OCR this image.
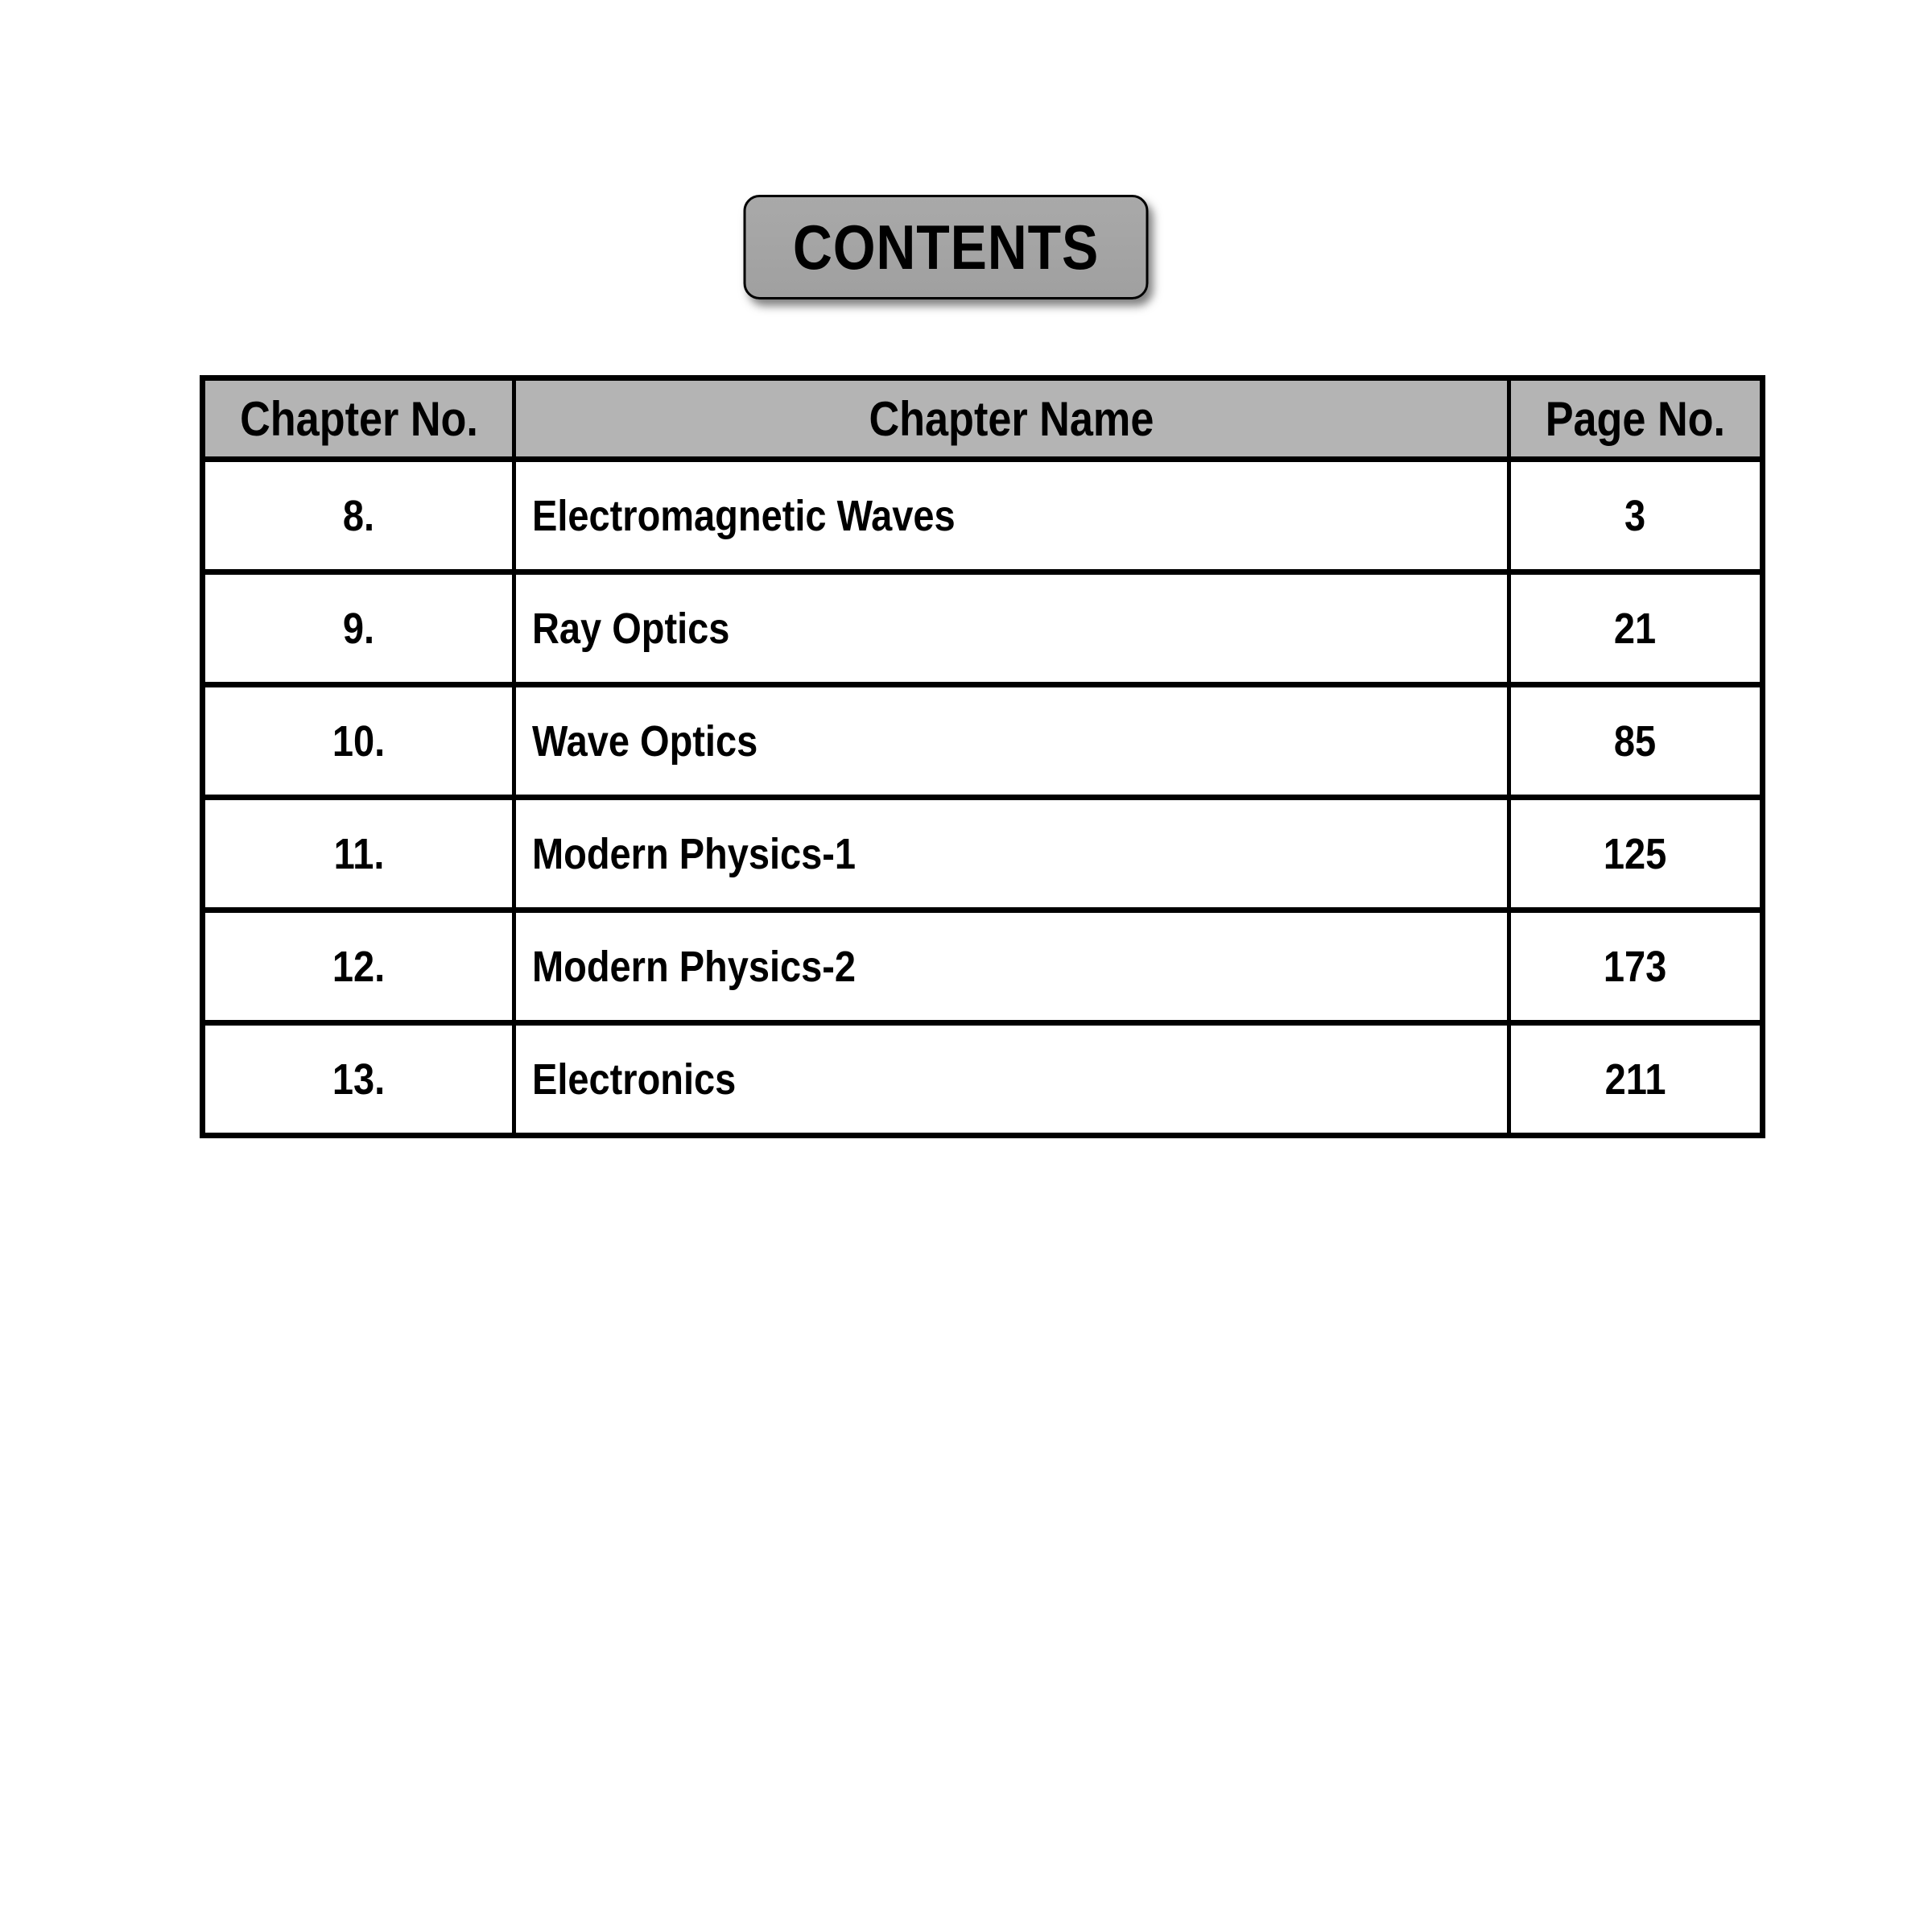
CONTENTS
Chapter No.	Chapter Name	Page No.
8.	Electromagnetic Waves	3
9.	Ray Optics	21
10.	Wave Optics	85
11.	Modern Physics-1	125
12.	Modern Physics-2	173
13.	Electronics	211
